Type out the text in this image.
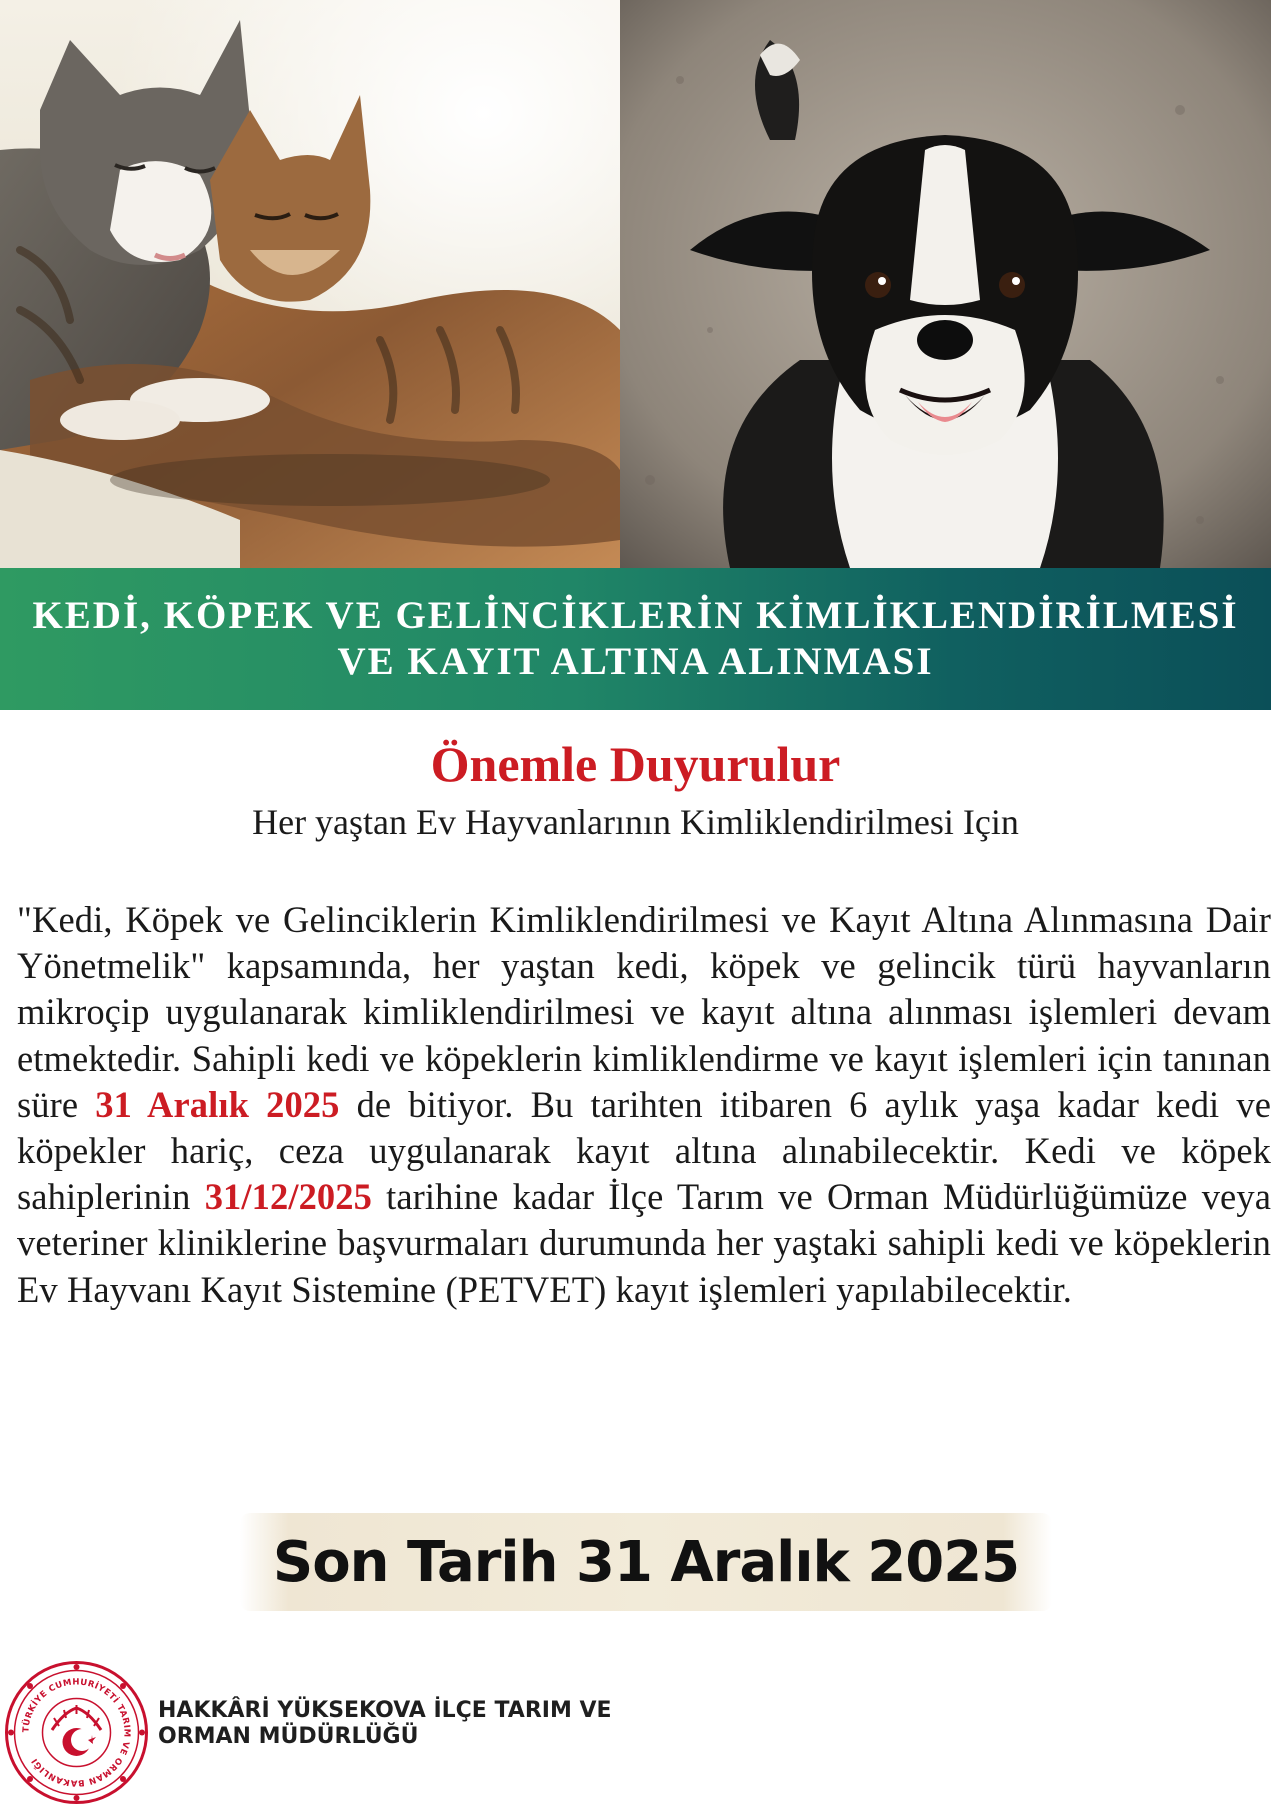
KEDİ, KÖPEK VE GELİNCİKLERİN KİMLİKLENDİRİLMESİ
VE KAYIT ALTINA ALINMASI
Önemle Duyurulur
Her yaştan Ev Hayvanlarının Kimliklendirilmesi Için
"Kedi, Köpek ve Gelinciklerin Kimliklendirilmesi ve Kayıt Altına Alınmasına Dair Yönetmelik" kapsamında, her yaştan kedi, köpek ve gelincik türü hayvanların mikroçip uygulanarak kimliklendirilmesi ve kayıt altına alınması işlemleri devam etmektedir. Sahipli kedi ve köpeklerin kimliklendirme ve kayıt işlemleri için tanınan süre 31 Aralık 2025 de bitiyor. Bu tarihten itibaren 6 aylık yaşa kadar kedi ve köpekler hariç, ceza uygulanarak kayıt altına alınabilecektir. Kedi ve köpek sahiplerinin 31/12/2025 tarihine kadar İlçe Tarım ve Orman Müdürlüğümüze veya veteriner kliniklerine başvurmaları durumunda her yaştaki sahipli kedi ve köpeklerin Ev Hayvanı Kayıt Sistemine (PETVET) kayıt işlemleri yapılabilecektir.
Son Tarih 31 Aralık 2025
TÜRKİYE CUMHURİYETİ TARIM VE ORMAN BAKANLIĞI
HAKKÂRİ YÜKSEKOVA İLÇE TARIM VE
ORMAN MÜDÜRLÜĞÜ
